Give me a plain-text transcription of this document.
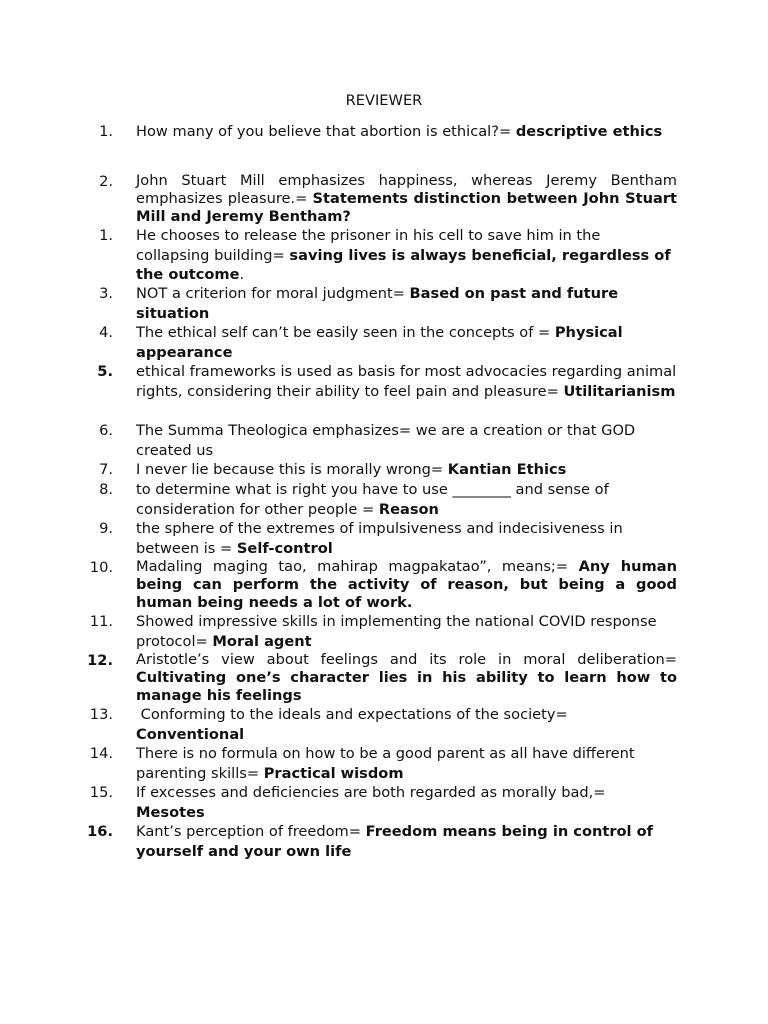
REVIEWER
1. How many of you believe that abortion is ethical?= descriptive ethics
2. John Stuart Mill emphasizes happiness, whereas Jeremy Bentham emphasizes pleasure.= Statements distinction between John Stuart Mill and Jeremy Bentham?
1. He chooses to release the prisoner in his cell to save him in the collapsing building= saving lives is always beneficial, regardless of the outcome.
3. NOT a criterion for moral judgment= Based on past and future situation
4. The ethical self can’t be easily seen in the concepts of = Physical appearance
5. ethical frameworks is used as basis for most advocacies regarding animal rights, considering their ability to feel pain and pleasure= Utilitarianism
6. The Summa Theologica emphasizes= we are a creation or that GOD created us
7. I never lie because this is morally wrong= Kantian Ethics
8. to determine what is right you have to use ________ and sense of consideration for other people = Reason
9. the sphere of the extremes of impulsiveness and indecisiveness in between is = Self-control
10. Madaling maging tao, mahirap magpakatao”, means;= Any human being can perform the activity of reason, but being a good human being needs a lot of work.
11. Showed impressive skills in implementing the national COVID response protocol= Moral agent
12. Aristotle’s view about feelings and its role in moral deliberation= Cultivating one’s character lies in his ability to learn how to manage his feelings
13. Conforming to the ideals and expectations of the society= Conventional
14. There is no formula on how to be a good parent as all have different parenting skills= Practical wisdom
15. If excesses and deficiencies are both regarded as morally bad,= Mesotes
16. Kant’s perception of freedom= Freedom means being in control of yourself and your own life
